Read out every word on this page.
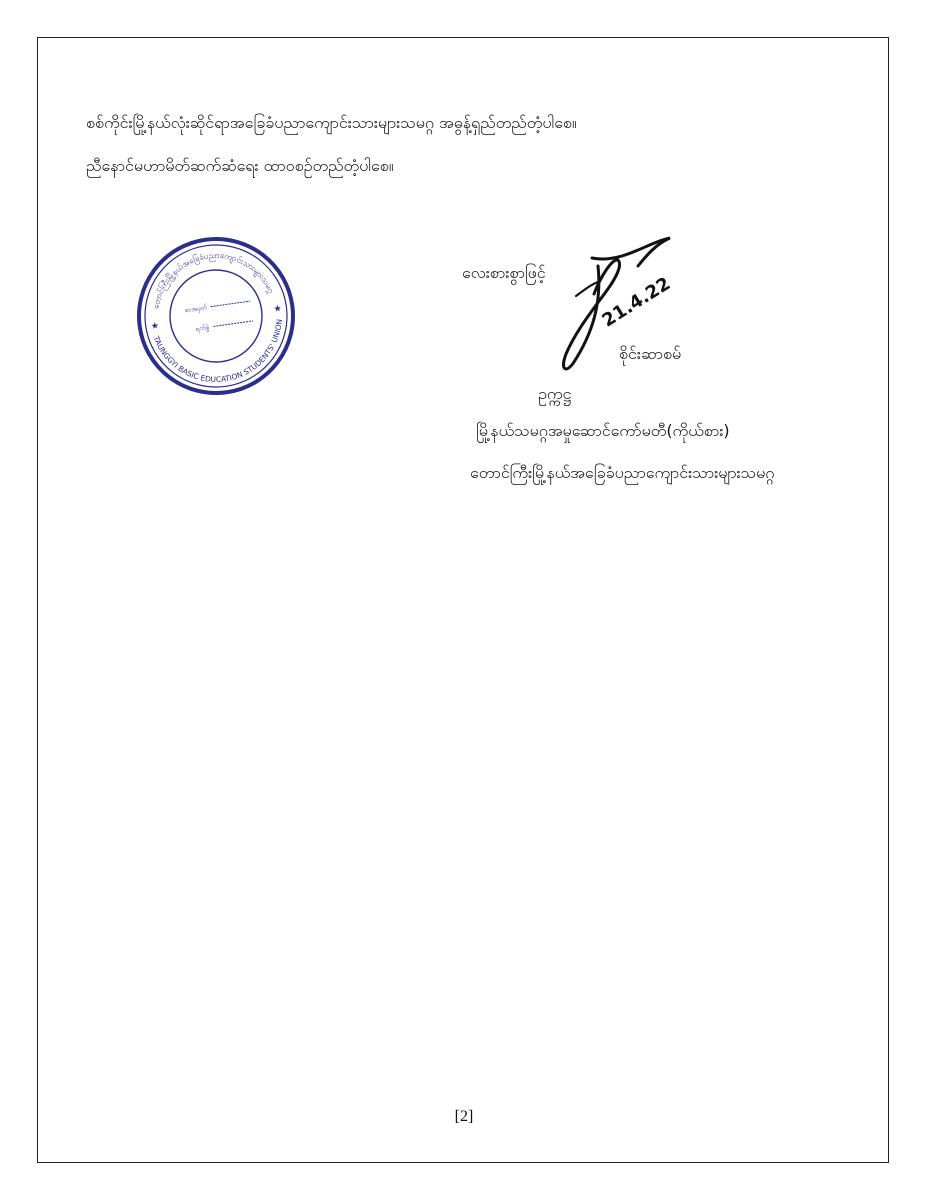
စစ်ကိုင်းမြို့နယ်လုံးဆိုင်ရာအခြေခံပညာကျောင်းသားများသမဂ္ဂ အဓွန့်ရှည်တည်တံ့ပါစေ။
ညီနောင်မဟာမိတ်ဆက်ဆံရေး ထာဝစဉ်တည်တံ့ပါစေ။
တောင်ကြီးမြို့နယ်အခြေခံပညာကျောင်းသားများသမဂ္ဂ
TAUNGGYI BASIC EDUCATION STUDENTS' UNION
★
★
စာအမှတ်
ရက်စွဲ
လေးစားစွာဖြင့်
21.4.22
စိုင်းဆာစမ်
ဥက္ကဋ္ဌ
မြို့နယ်သမဂ္ဂအမှုဆောင်ကော်မတီ(ကိုယ်စား)
တောင်ကြီးမြို့နယ်အခြေခံပညာကျောင်းသားများသမဂ္ဂ
[2]
